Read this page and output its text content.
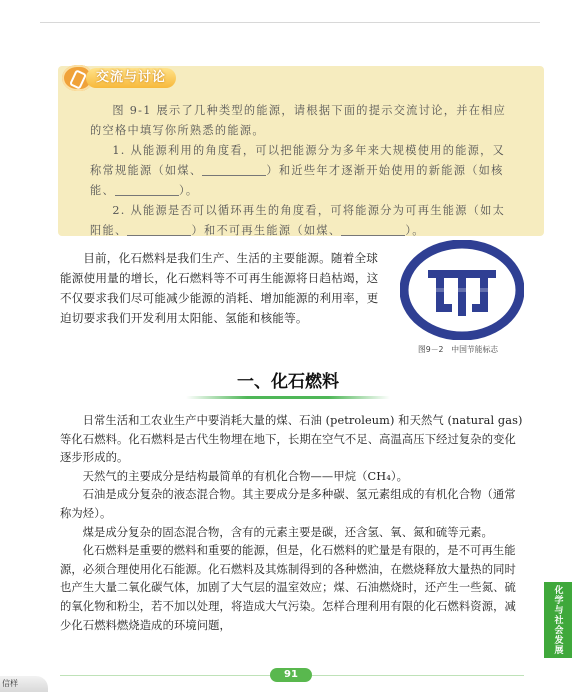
交流与讨论

图 9-1 展示了几种类型的能源，请根据下面的提示交流讨论，并在相应的空格中填写你所熟悉的能源。

1. 从能源利用的角度看，可以把能源分为多年来大规模使用的能源，又称常规能源（如煤、	）和近些年才逐渐开始使用的新能源（如核能、	）。

2. 从能源是否可以循环再生的角度看，可将能源分为可再生能源（如太阳能、	）和不可再生能源（如煤、	）。

目前，化石燃料是我们生产、生活的主要能源。随着全球能源使用量的增长，化石燃料等不可再生能源将日趋枯竭，这不仅要求我们尽可能减少能源的消耗、增加能源的利用率，更迫切要求我们开发利用太阳能、氢能和核能等。

图9－2　中国节能标志
一、化石燃料

日常生活和工农业生产中要消耗大量的煤、石油 (petroleum) 和天然气 (natural gas) 等化石燃料。化石燃料是古代生物埋在地下，长期在空气不足、高温高压下经过复杂的变化逐步形成的。

天然气的主要成分是结构最简单的有机化合物——甲烷（CH₄）。

石油是成分复杂的液态混合物。其主要成分是多种碳、氢元素组成的有机化合物（通常称为烃）。

煤是成分复杂的固态混合物，含有的元素主要是碳，还含氢、氧、氮和硫等元素。

化石燃料是重要的燃料和重要的能源，但是，化石燃料的贮量是有限的，是不可再生能源，必须合理使用化石能源。化石燃料及其炼制得到的各种燃油，在燃烧释放大量热的同时也产生大量二氧化碳气体，加剧了大气层的温室效应；煤、石油燃烧时，还产生一些氮、硫的氧化物和粉尘，若不加以处理，将造成大气污染。怎样合理利用有限的化石燃料资源，减少化石燃料燃烧造成的环境问题，	化学与社会发展
91
信样
